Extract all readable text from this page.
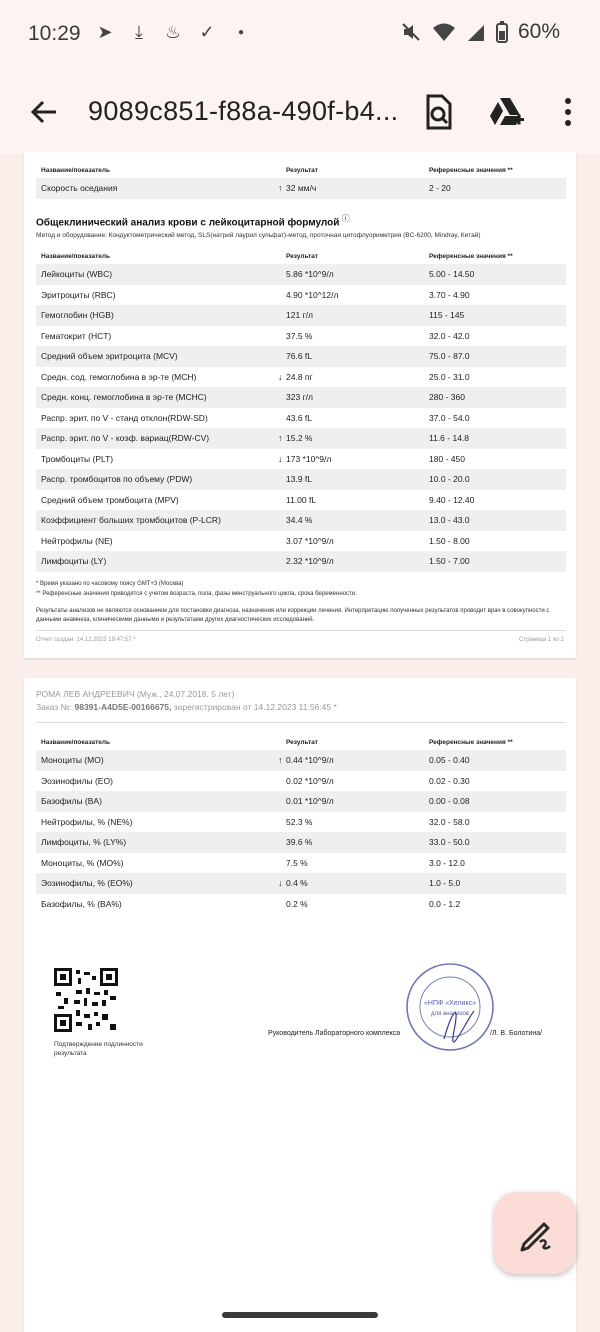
10:29 ➤	⤓	♨ ✓	●	60%
9089c851-f88a-490f-b4...
Название/показатель	Результат	Референсные значения **
Скорость оседания	↑ 32 мм/ч	2 - 20
Общеклинический анализ крови с лейкоцитарной формулой ⓘ
Метод и оборудование: Кондуктометрический метод, SLS(натрий лаурил сульфат)-метод, проточная цитофлуориметрия (BC-6200, Mindray, Китай)
Название/показатель	Результат	Референсные значения **
Лейкоциты (WBC)	5.86 *10^9/л	5.00 - 14.50
Эритроциты (RBC)	4.90 *10^12/л	3.70 - 4.90
Гемоглобин (HGB)	121 г/л	115 - 145
Гематокрит (HCT)	37.5 %	32.0 - 42.0
Средний объем эритроцита (MCV)	76.6 fL	75.0 - 87.0
Средн. сод. гемоглобина в эр-те (MCH)	↓ 24.8 пг	25.0 - 31.0
Средн. конц. гемоглобина в эр-те (MCHC)	323 г/л	280 - 360
Распр. эрит. по V - станд отклон(RDW-SD)	43.6 fL	37.0 - 54.0
Распр. эрит. по V - коэф. вариац(RDW-CV)	↑ 15.2 %	11.6 - 14.8
Тромбоциты (PLT)	↓ 173 *10^9/л	180 - 450
Распр. тромбоцитов по объему (PDW)	13.9 fL	10.0 - 20.0
Средний объем тромбоцита (MPV)	11.00 fL	9.40 - 12.40
Коэффициент больших тромбоцитов (P-LCR)	34.4 %	13.0 - 43.0
Нейтрофилы (NE)	3.07 *10^9/л	1.50 - 8.00
Лимфоциты (LY)	2.32 *10^9/л	1.50 - 7.00
* Время указано по часовому поясу GMT+3 (Москва)
** Референсные значения приводятся с учетом возраста, пола, фазы менструального цикла, срока беременности.
Результаты анализов не являются основанием для постановки диагноза, назначения или коррекции лечения. Интерпретацию полученных результатов проводит врач в совокупности с данными анамнеза, клиническими данными и результатами других диагностических исследований.
Отчет создан: 14.12.2023 19:47:57 *	Страница 1 из 2
РОМА ЛЕВ АНДРЕЕВИЧ (Муж., 24.07.2018, 5 лет)
Заказ №: 98391-A4D5E-00166675, зарегистрирован от 14.12.2023 11:56:45 *
Название/показатель	Результат	Референсные значения **
Моноциты (MO)	↑ 0.44 *10^9/л	0.05 - 0.40
Эозинофилы (EO)	0.02 *10^9/л	0.02 - 0.30
Базофилы (BA)	0.01 *10^9/л	0.00 - 0.08
Нейтрофилы, % (NE%)	52.3 %	32.0 - 58.0
Лимфоциты, % (LY%)	39.6 %	33.0 - 50.0
Моноциты, % (MO%)	7.5 %	3.0 - 12.0
Эозинофилы, % (EO%)	↓ 0.4 %	1.0 - 5.0
Базофилы, % (BA%)	0.2 %	0.0 - 1.2
Подтверждение подлинности результата
«НПФ «Хеликс»
для анализов
Руководитель Лабораторного комплекса	/Л. В. Болотина/
